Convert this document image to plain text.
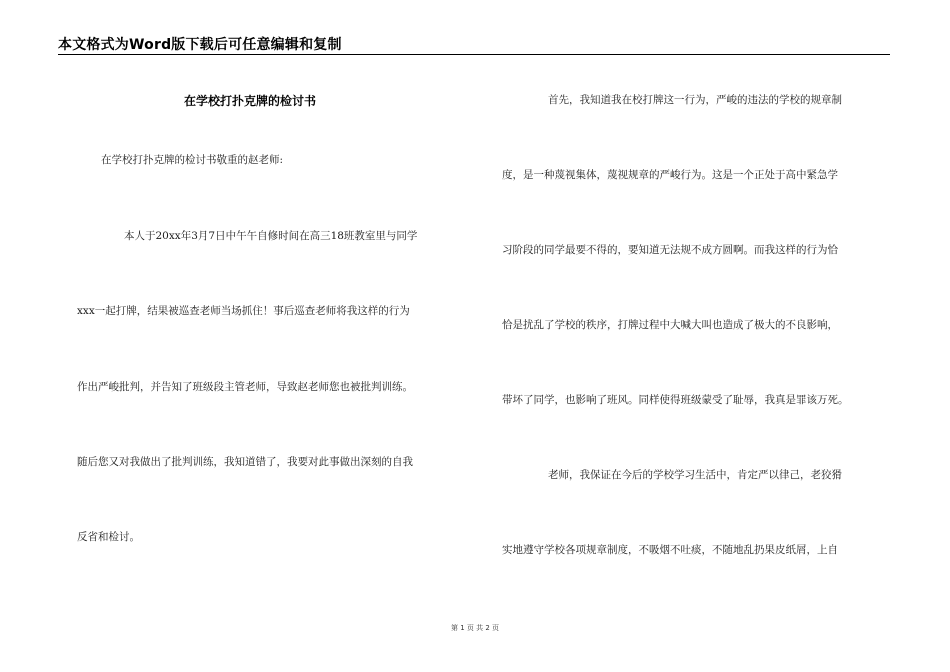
本文格式为Word版下载后可任意编辑和复制
在学校打扑克牌的检讨书
在学校打扑克牌的检讨书敬重的赵老师:
本人于20xx年3月7日中午午自修时间在高三18班教室里与同学
xxx一起打牌，结果被巡查老师当场抓住！事后巡查老师将我这样的行为
作出严峻批判，并告知了班级段主管老师，导致赵老师您也被批判训练。
随后您又对我做出了批判训练，我知道错了，我要对此事做出深刻的自我
反省和检讨。
首先，我知道我在校打牌这一行为，严峻的违法的学校的规章制
度，是一种蔑视集体，蔑视规章的严峻行为。这是一个正处于高中紧急学
习阶段的同学最要不得的，要知道无法规不成方圆啊。而我这样的行为恰
恰是扰乱了学校的秩序，打牌过程中大喊大叫也造成了极大的不良影响，
带坏了同学，也影响了班风。同样使得班级蒙受了耻辱，我真是罪该万死。
老师，我保证在今后的学校学习生活中，肯定严以律己，老狡猾
实地遵守学校各项规章制度，不吸烟不吐痰，不随地乱扔果皮纸屑，上自
第 1 页 共 2 页
